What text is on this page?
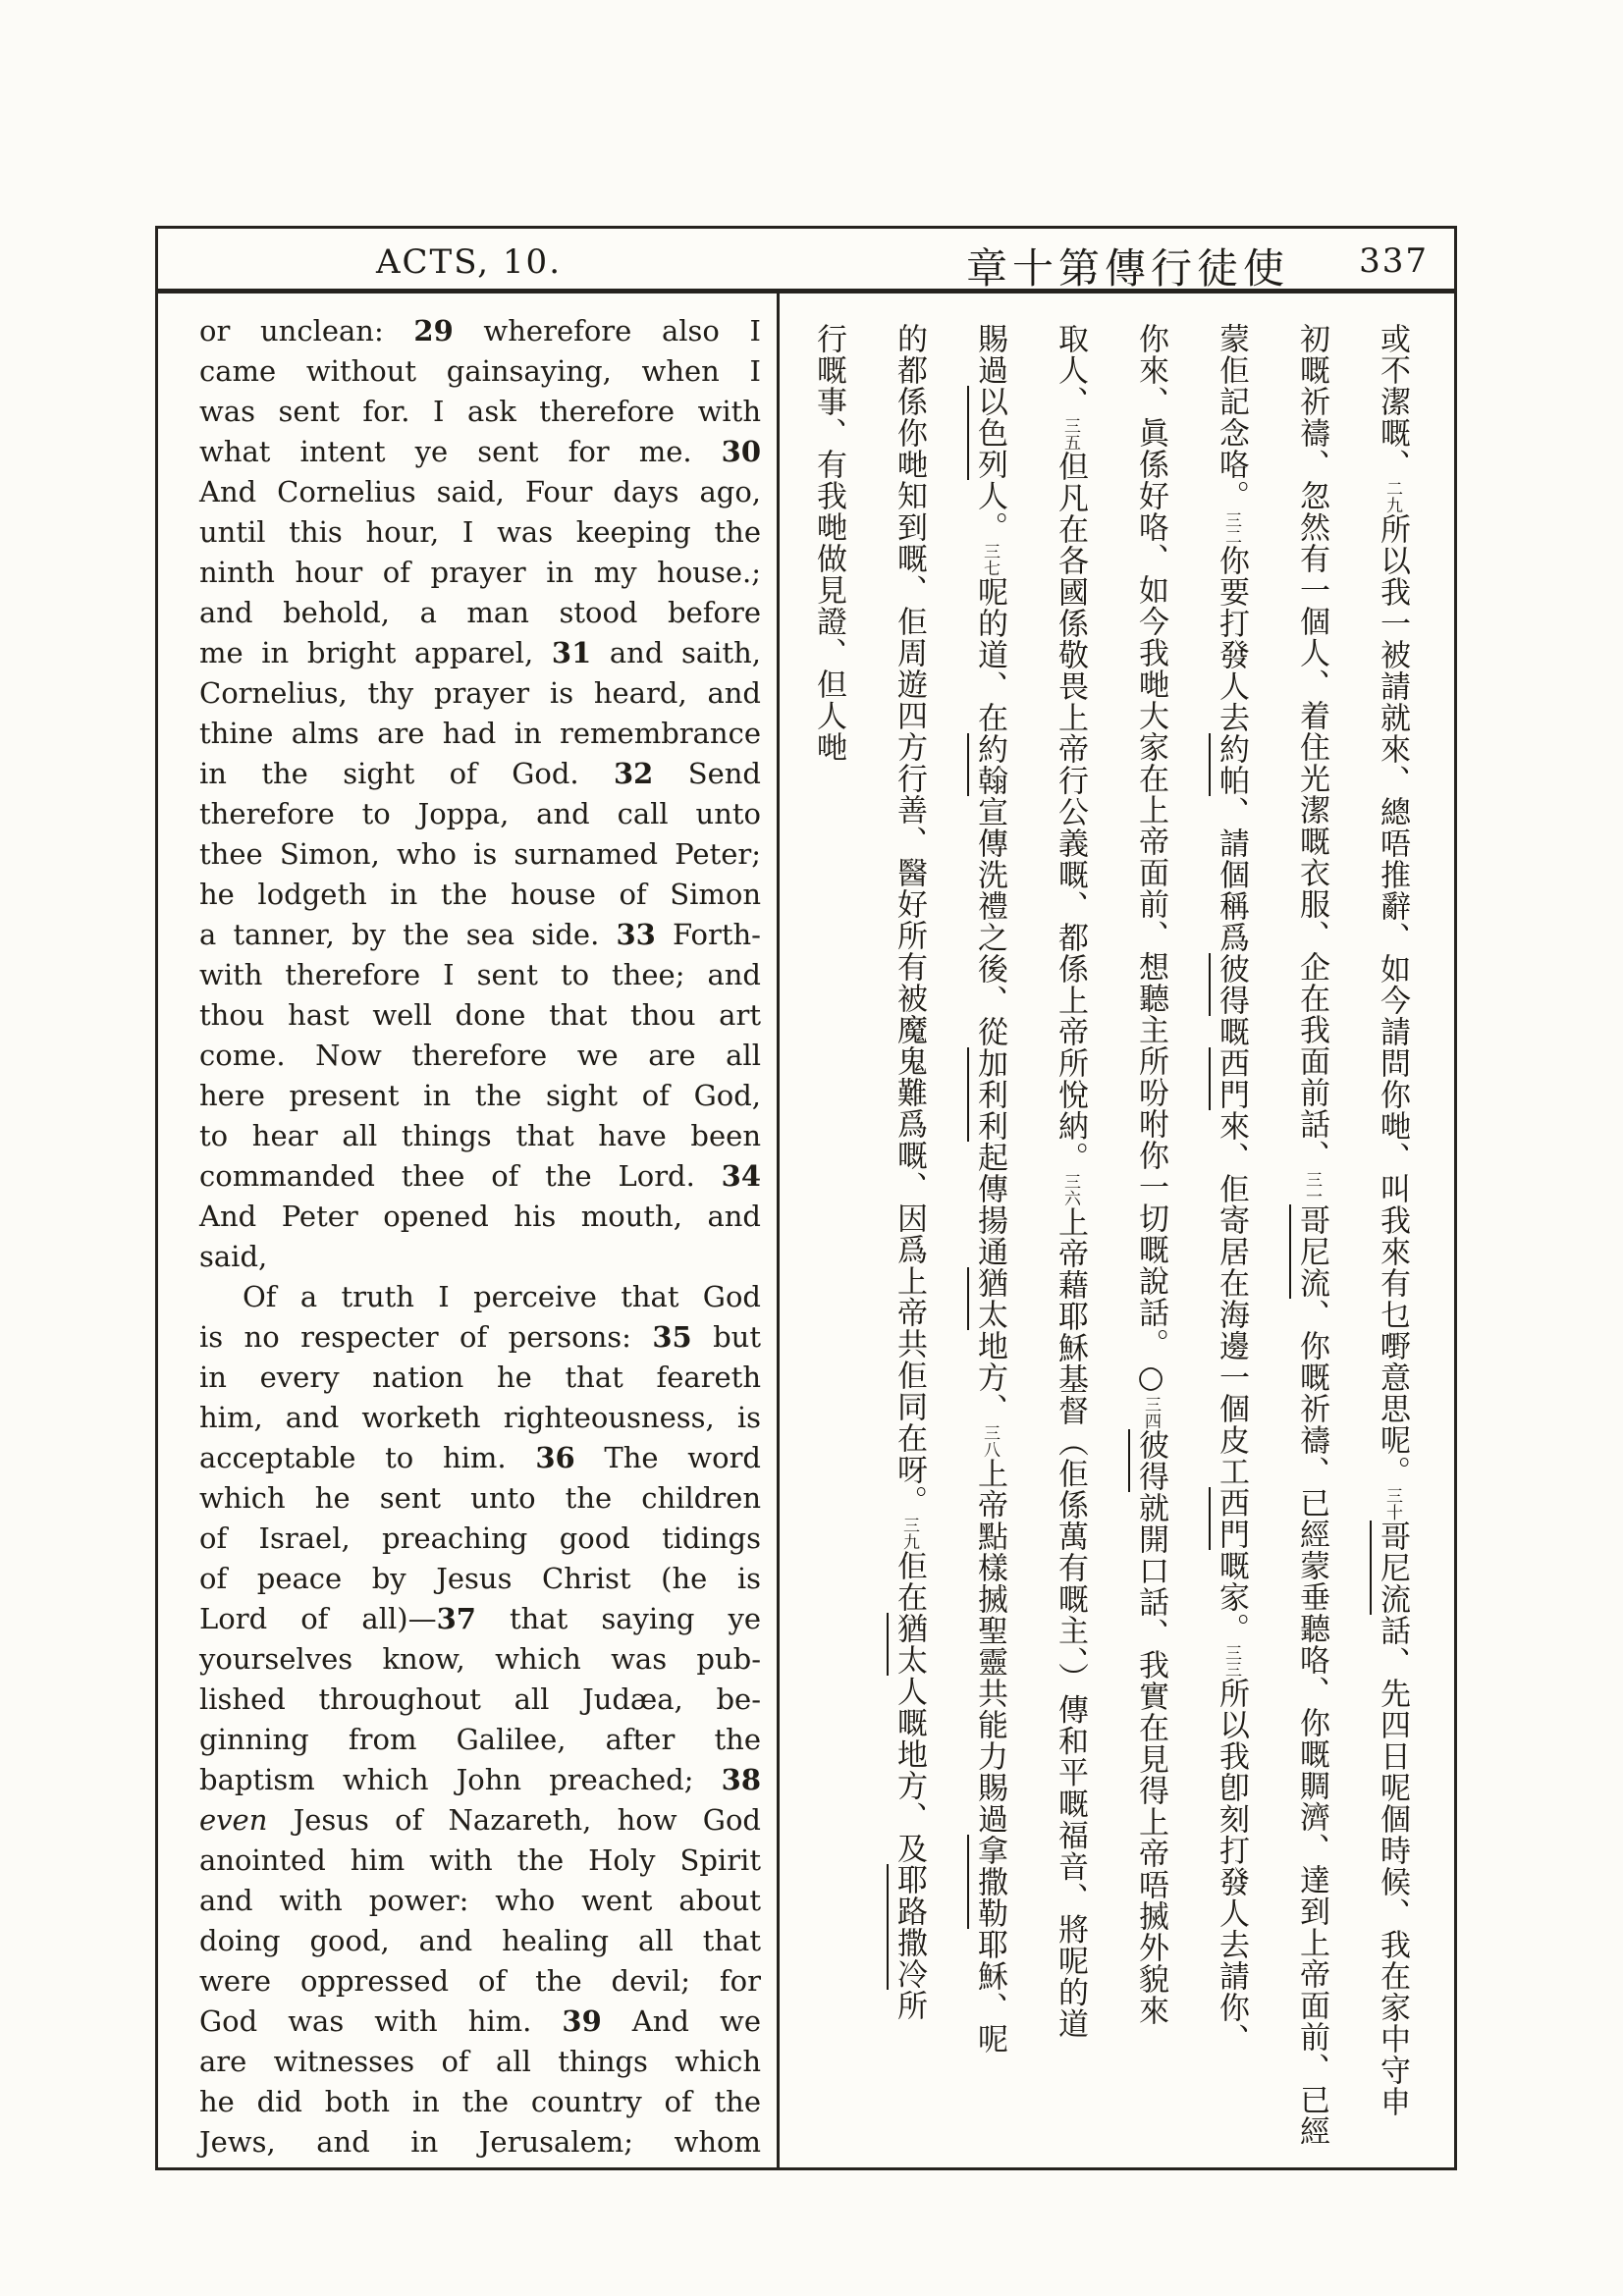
ACTS, 10.	章十第傳行徒使 337
or unclean: 29 wherefore also I
came without gainsaying, when I
was sent for. I ask therefore with
what intent ye sent for me. 30
And Cornelius said, Four days ago,
until this hour, I was keeping the
ninth hour of prayer in my house.;
and behold, a man stood before
me in bright apparel, 31 and saith,
Cornelius, thy prayer is heard, and
thine alms are had in remembrance
in the sight of God. 32 Send
therefore to Joppa, and call unto
thee Simon, who is surnamed Peter;
he lodgeth in the house of Simon
a tanner, by the sea side. 33 Forth-
with therefore I sent to thee; and
thou hast well done that thou art
come. Now therefore we are all
here present in the sight of God,
to hear all things that have been
commanded thee of the Lord. 34
And Peter opened his mouth, and
said,
Of a truth I perceive that God
is no respecter of persons: 35 but
in every nation he that feareth
him, and worketh righteousness, is
acceptable to him. 36 The word
which he sent unto the children
of Israel, preaching good tidings
of peace by Jesus Christ (he is
Lord of all)—37 that saying ye
yourselves know, which was pub-
lished throughout all Judæa, be-
ginning from Galilee, after the
baptism which John preached; 38
even Jesus of Nazareth, how God
anointed him with the Holy Spirit
and with power: who went about
doing good, and healing all that
were oppressed of the devil; for
God was with him. 39 And we
are witnesses of all things which
he did both in the country of the
Jews, and in Jerusalem; whom
或不潔嘅、二九所以我一被請就來、總唔推辭、如今請問你哋、叫我來有乜嘢意思呢。三十哥尼流話、先四日呢個時候、我在家中守申
初嘅祈禱、忽然有一個人、着住光潔嘅衣服、企在我面前話、三一哥尼流、你嘅祈禱、已經蒙垂聽咯、你嘅賙濟、達到上帝面前、已經
蒙佢記念咯。三二你要打發人去約帕、請個稱爲彼得嘅西門來、佢寄居在海邊一個皮工西門嘅家。三三所以我卽刻打發人去請你、
你來、眞係好咯、如今我哋大家在上帝面前、想聽主所吩咐你一切嘅說話。○三四彼得就開口話、我實在見得上帝唔搣外貌來
取人、三五但凡在各國係敬畏上帝行公義嘅、都係上帝所悅納。三六上帝藉耶穌基督（佢係萬有嘅主、）傳和平嘅福音、將呢的道
賜過以色列人。三七呢的道、在約翰宣傳洗禮之後、從加利利起傳揚通猶太地方、三八上帝點樣搣聖靈共能力賜過拿撒勒耶穌、呢
的都係你哋知到嘅、佢周遊四方行善、醫好所有被魔鬼難爲嘅、因爲上帝共佢同在呀。三九佢在猶太人嘅地方、及耶路撒冷所
行嘅事、有我哋做見證、但人哋
